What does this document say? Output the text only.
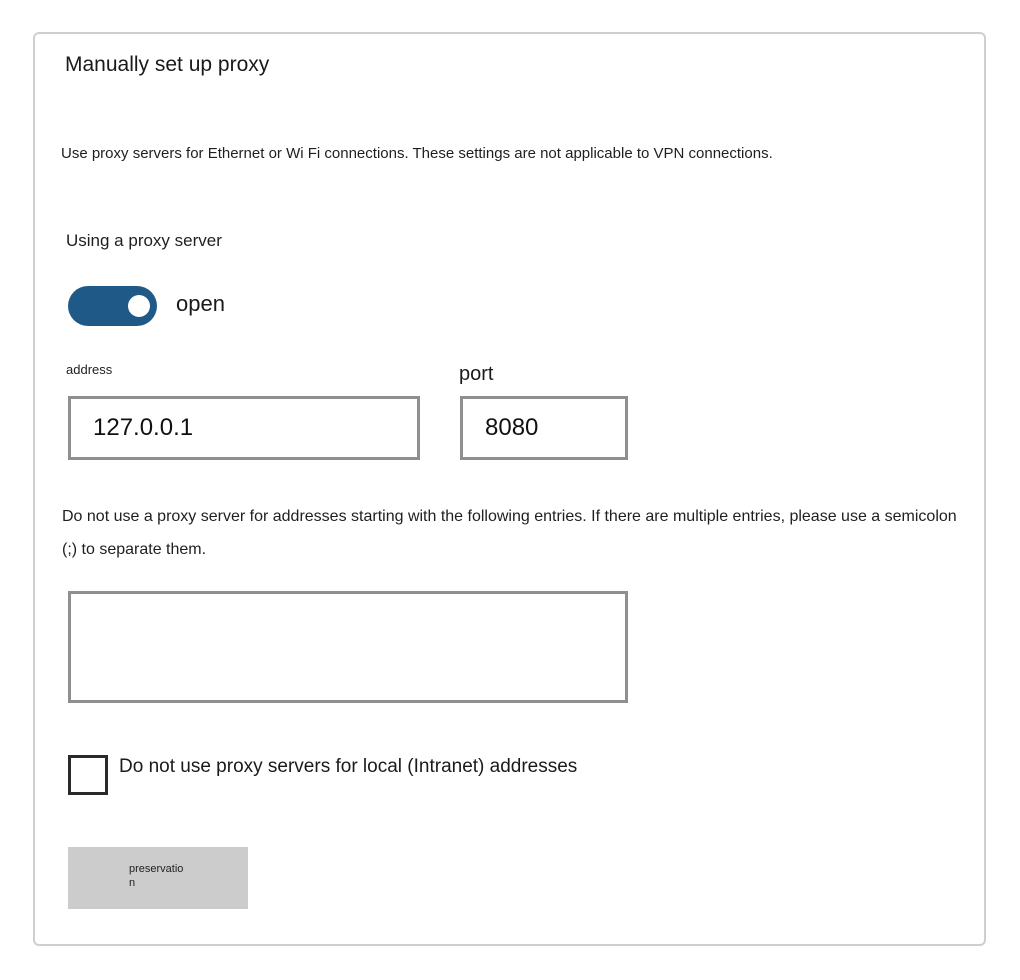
Manually set up proxy
Use proxy servers for Ethernet or Wi Fi connections. These settings are not applicable to VPN connections.
Using a proxy server
open
address	port
127.0.0.1
8080
Do not use a proxy server for addresses starting with the following entries. If there are multiple entries, please use a semicolon (;) to separate them.
Do not use proxy servers for local (Intranet) addresses
preservation
